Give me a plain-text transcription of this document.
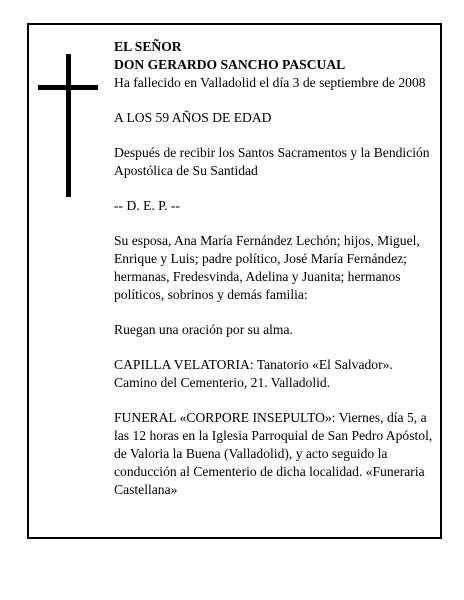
EL SEÑOR
DON GERARDO SANCHO PASCUAL
Ha fallecido en Valladolid el día 3 de septiembre de 2008

A LOS 59 AÑOS DE EDAD

Después de recibir los Santos Sacramentos y la Bendición Apostólica de Su Santidad

-- D. E. P. --

Su esposa, Ana María Fernández Lechón; hijos, Miguel, Enrique y Luis; padre político, José María Fernández; hermanas, Fredesvinda, Adelina y Juanita; hermanos políticos, sobrinos y demás familia:

Ruegan una oración por su alma.

CAPILLA VELATORIA: Tanatorio «El Salvador». Camino del Cementerio, 21. Valladolid.

FUNERAL «CORPORE INSEPULTO»: Viernes, día 5, a las 12 horas en la Iglesia Parroquial de San Pedro Apóstol, de Valoria la Buena (Valladolid), y acto seguido la conducción al Cementerio de dicha localidad. «Funeraria Castellana»
